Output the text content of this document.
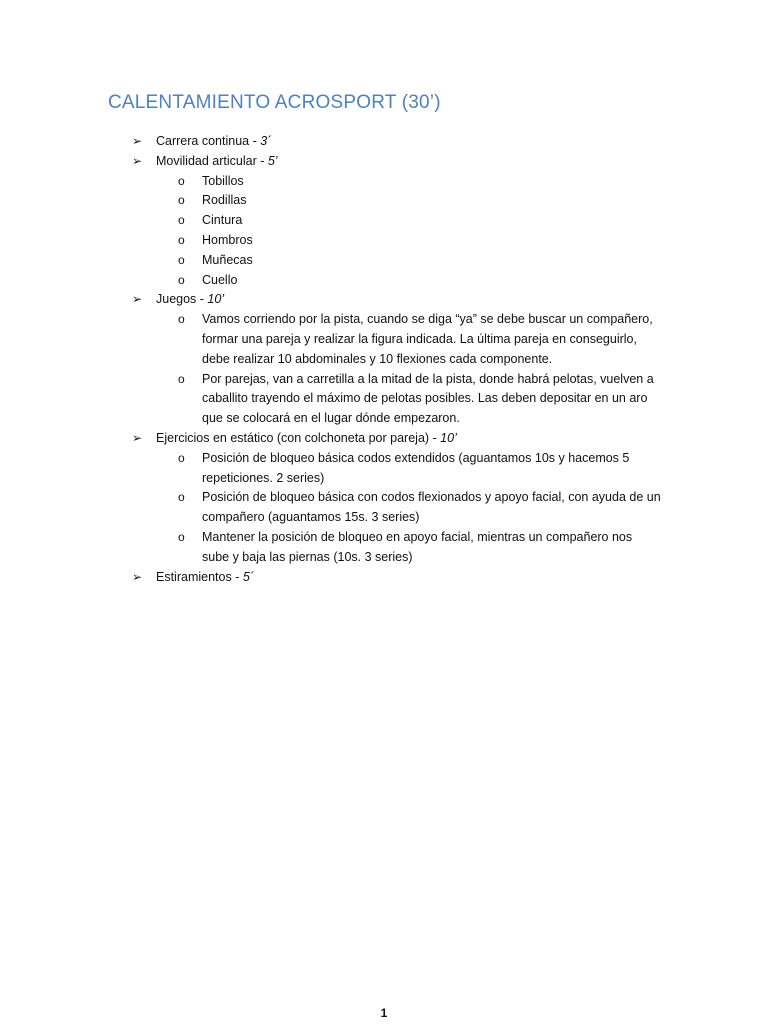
CALENTAMIENTO ACROSPORT (30’)
➢ Carrera continua - 3´
➢ Movilidad articular - 5’
o Tobillos
o Rodillas
o Cintura
o Hombros
o Muñecas
o Cuello
➢ Juegos - 10’
o Vamos corriendo por la pista, cuando se diga “ya” se debe buscar un compañero, formar una pareja y realizar la figura indicada. La última pareja en conseguirlo, debe realizar 10 abdominales y 10 flexiones cada componente.
o Por parejas, van a carretilla a la mitad de la pista, donde habrá pelotas, vuelven a caballito trayendo el máximo de pelotas posibles. Las deben depositar en un aro que se colocará en el lugar dónde empezaron.
➢ Ejercicios en estático (con colchoneta por pareja) - 10’
o Posición de bloqueo básica codos extendidos (aguantamos 10s y hacemos 5 repeticiones. 2 series)
o Posición de bloqueo básica con codos flexionados y apoyo facial, con ayuda de un compañero (aguantamos 15s. 3 series)
o Mantener la posición de bloqueo en apoyo facial, mientras un compañero nos sube y baja las piernas (10s. 3 series)
➢ Estiramientos - 5´
1
